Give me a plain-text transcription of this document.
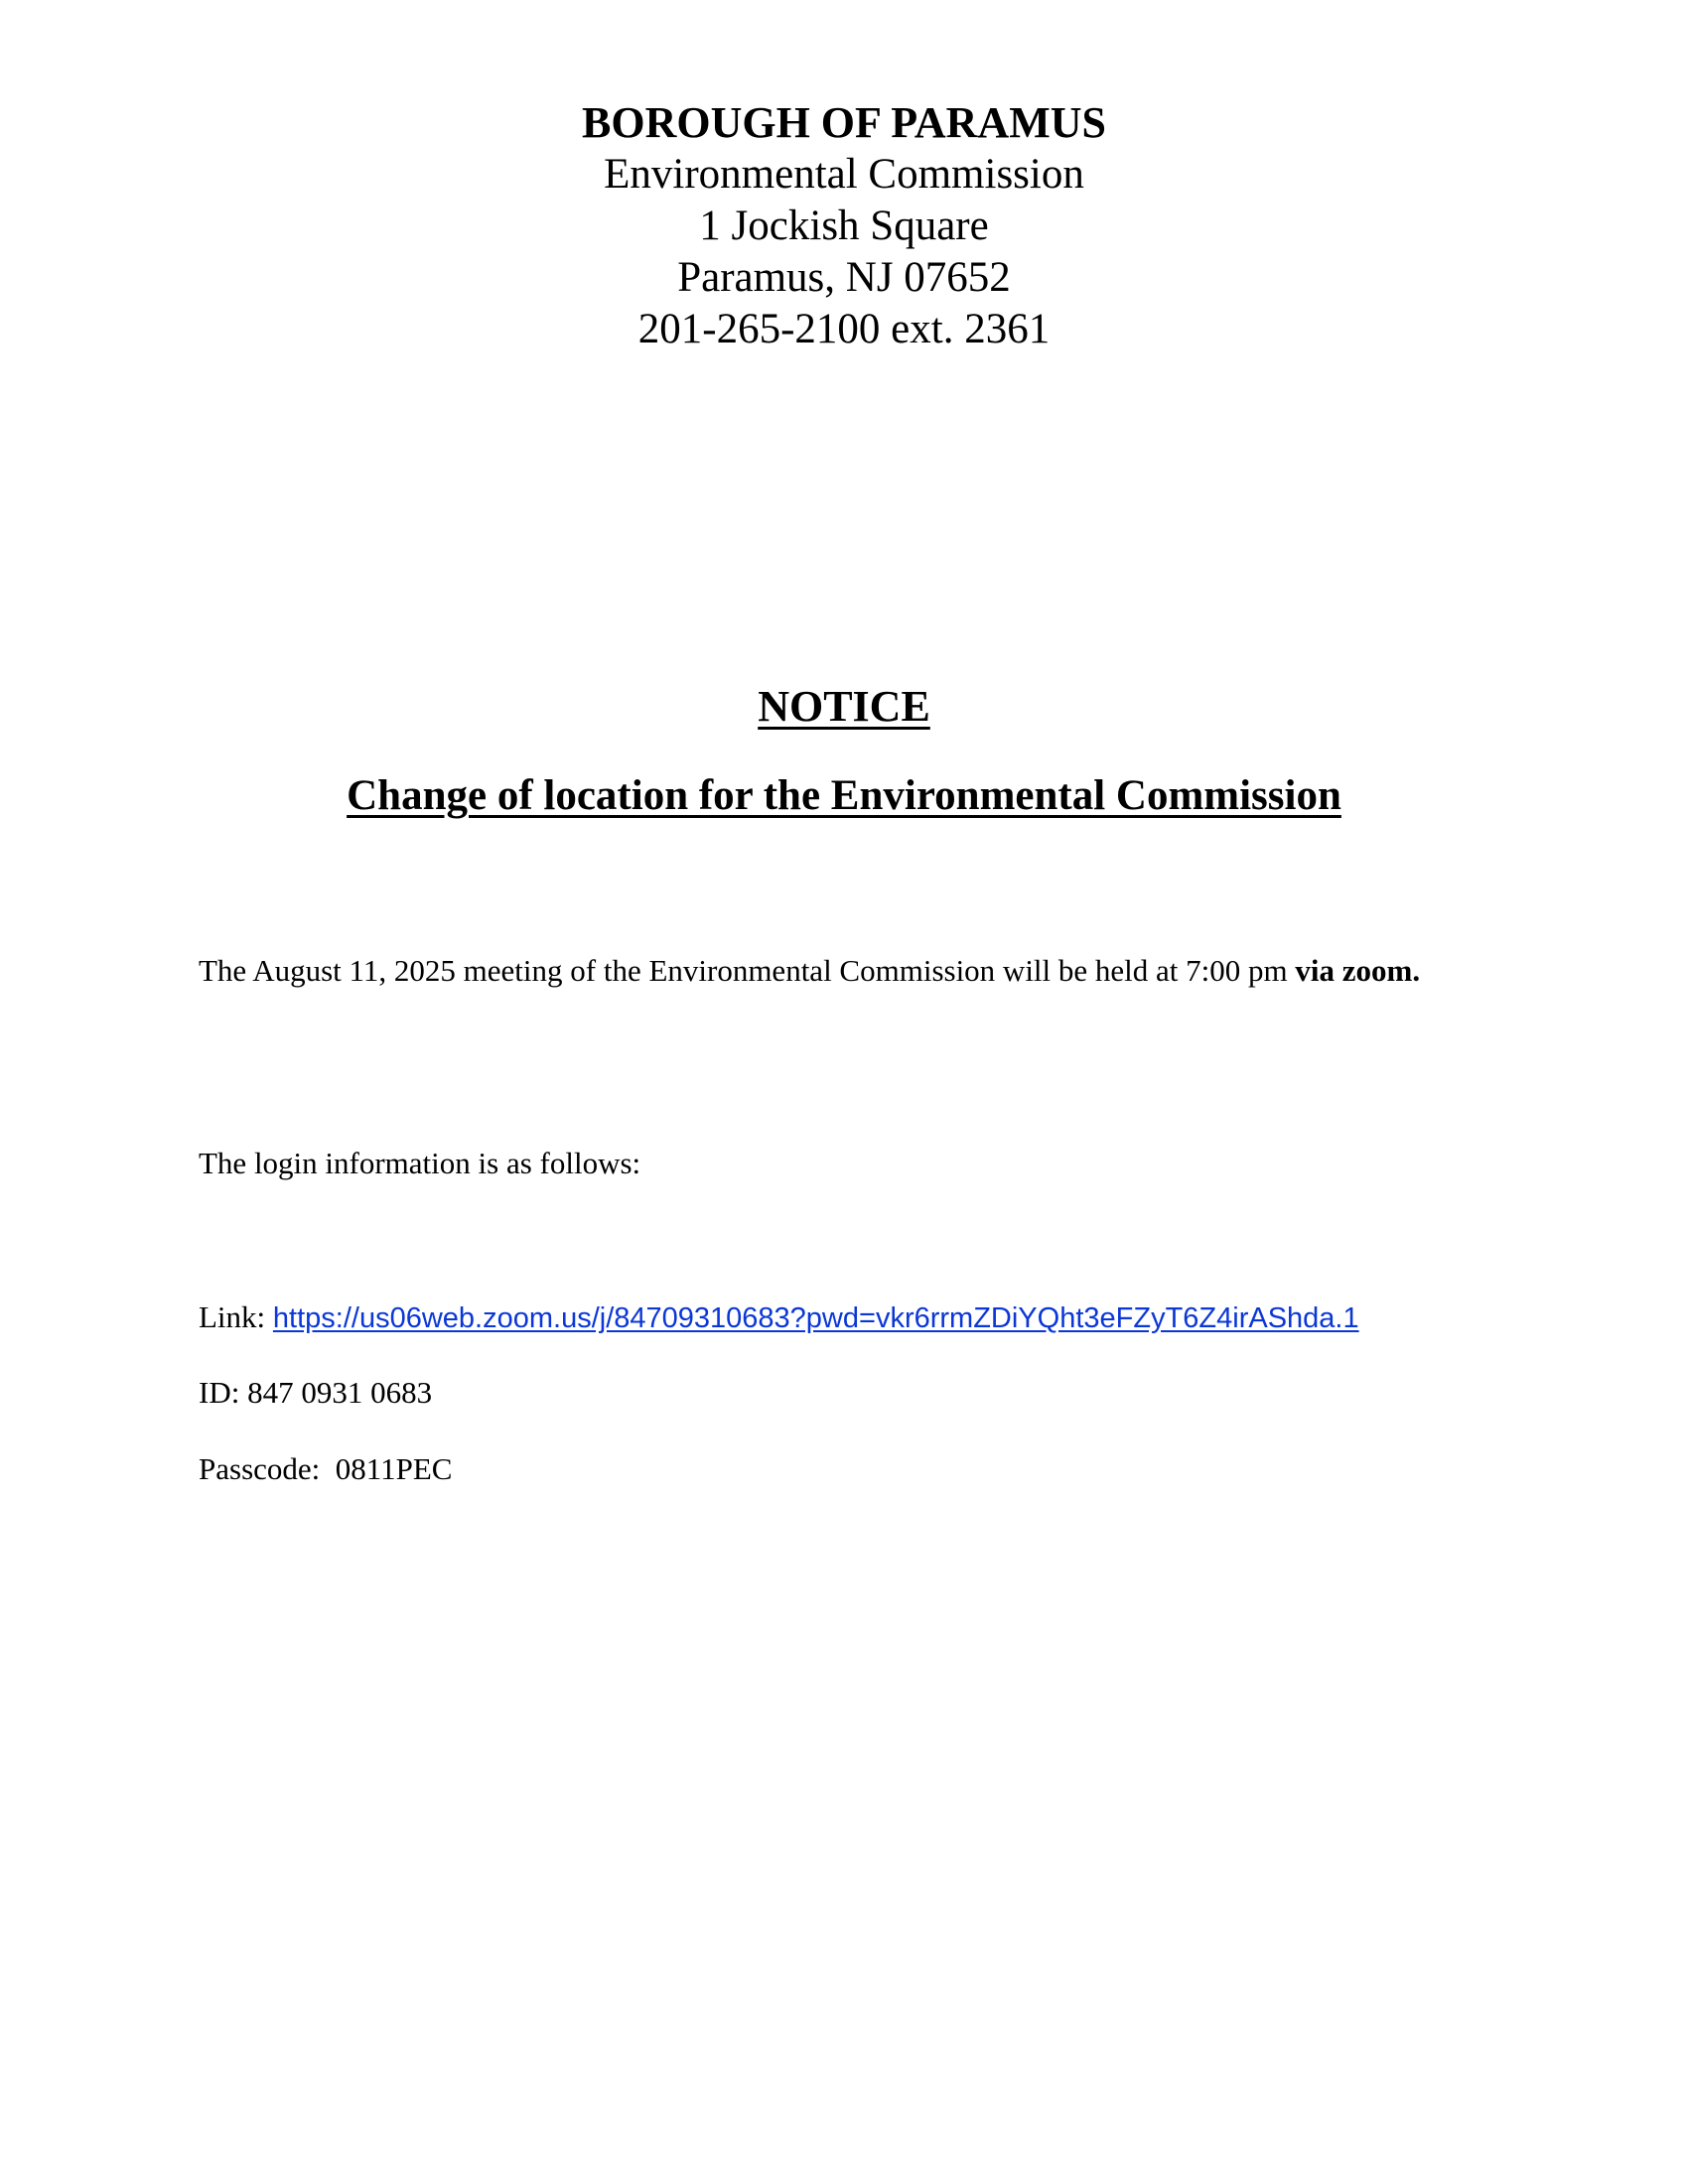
BOROUGH OF PARAMUS
Environmental Commission
1 Jockish Square
Paramus, NJ 07652
201-265-2100 ext. 2361
NOTICE
Change of location for the Environmental Commission
The August 11, 2025 meeting of the Environmental Commission will be held at 7:00 pm via zoom.
The login information is as follows:
Link: https://us06web.zoom.us/j/84709310683?pwd=vkr6rrmZDiYQht3eFZyT6Z4irAShda.1
ID: 847 0931 0683
Passcode:  0811PEC
